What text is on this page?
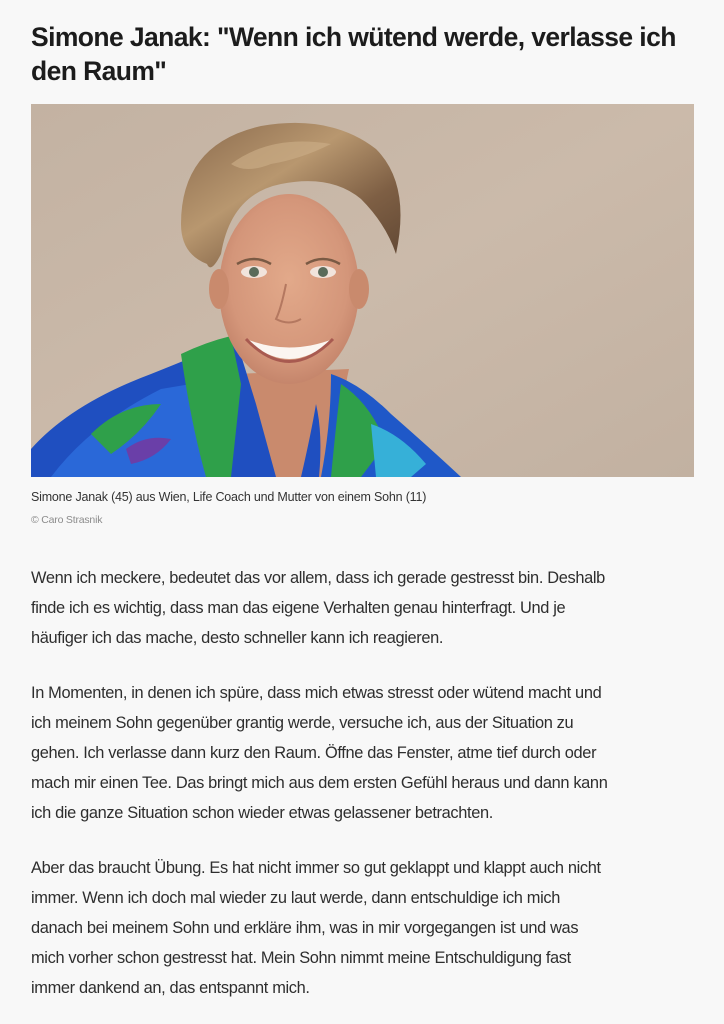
Simone Janak: "Wenn ich wütend werde, verlasse ich
den Raum"
Simone Janak (45) aus Wien, Life Coach und Mutter von einem Sohn (11)
© Caro Strasnik

Wenn ich meckere, bedeutet das vor allem, dass ich gerade gestresst bin. Deshalb
finde ich es wichtig, dass man das eigene Verhalten genau hinterfragt. Und je
häufiger ich das mache, desto schneller kann ich reagieren.

In Momenten, in denen ich spüre, dass mich etwas stresst oder wütend macht und
ich meinem Sohn gegenüber grantig werde, versuche ich, aus der Situation zu
gehen. Ich verlasse dann kurz den Raum. Öffne das Fenster, atme tief durch oder
mach mir einen Tee. Das bringt mich aus dem ersten Gefühl heraus und dann kann
ich die ganze Situation schon wieder etwas gelassener betrachten.

Aber das braucht Übung. Es hat nicht immer so gut geklappt und klappt auch nicht
immer. Wenn ich doch mal wieder zu laut werde, dann entschuldige ich mich
danach bei meinem Sohn und erkläre ihm, was in mir vorgegangen ist und was
mich vorher schon gestresst hat. Mein Sohn nimmt meine Entschuldigung fast
immer dankend an, das entspannt mich.
